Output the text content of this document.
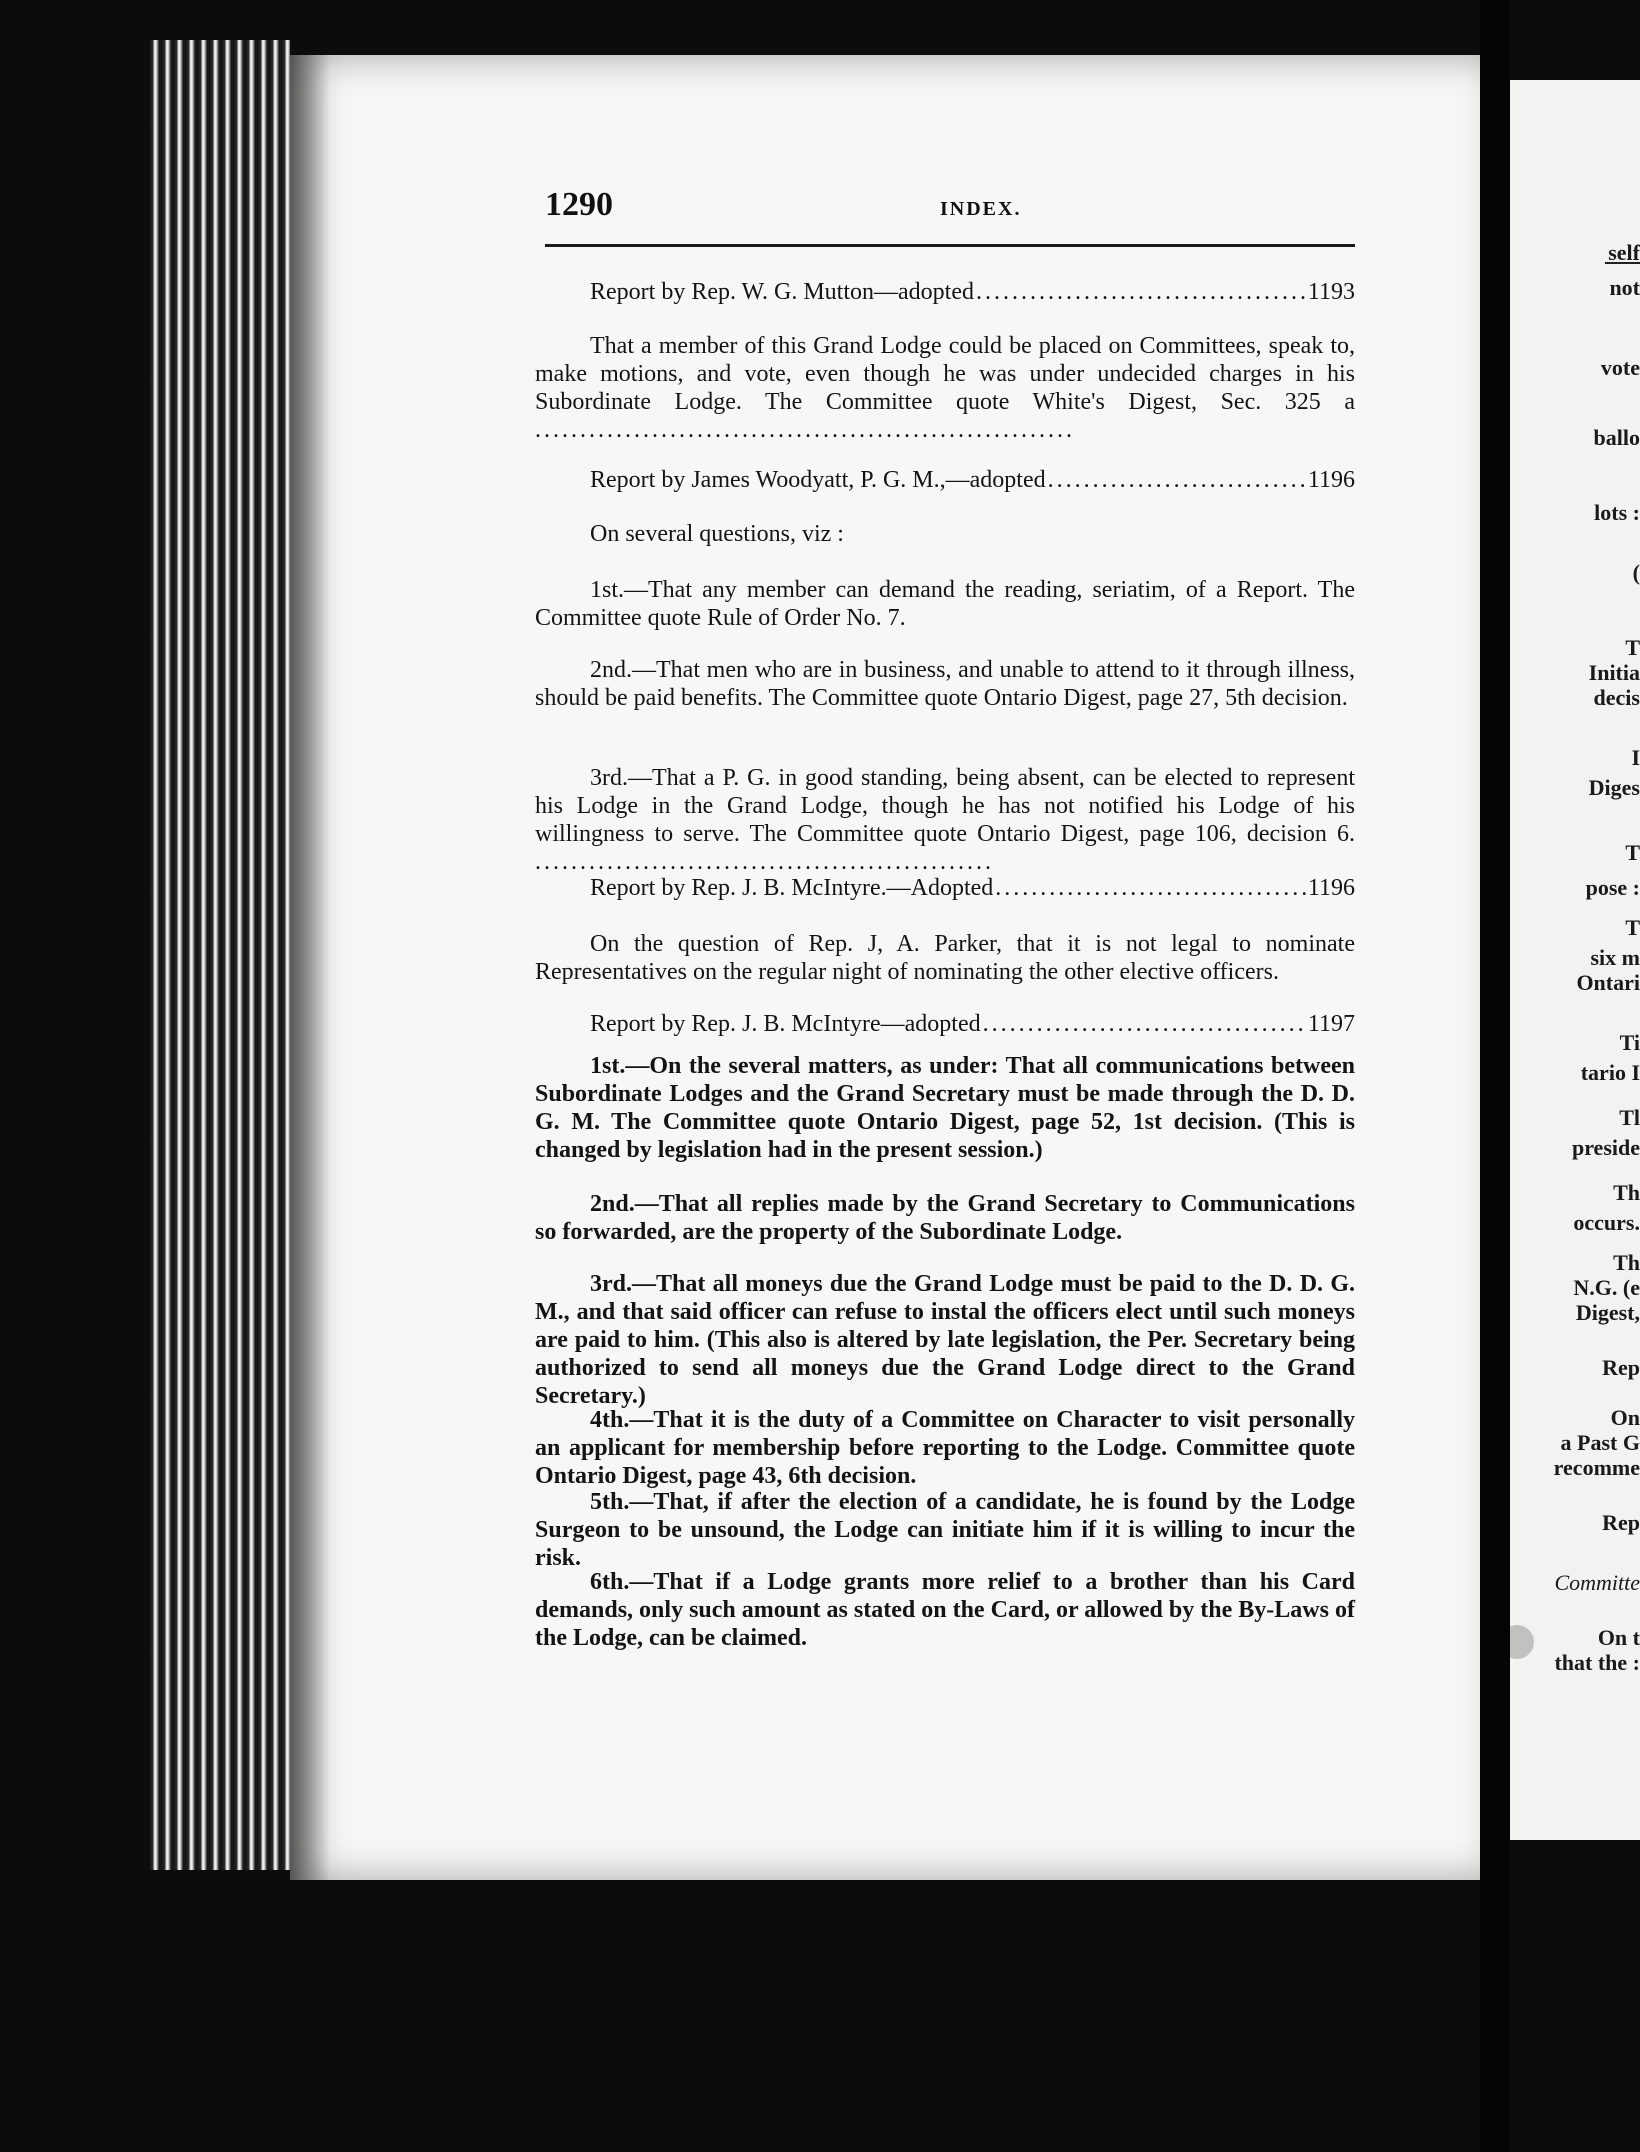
self
not
vote
ballo
lots :
(
T
Initia
decis
I
Diges
T
pose :
T
six m
Ontari
Ti
tario I
Tl
preside
Th
occurs.
Th
N.G. (e
Digest,
Rep
On
a Past G
recomme
Rep
Committe
On t
that the :
1290	INDEX.
Report by Rep. W. G. Mutton—adopted .....	1193
That a member of this Grand Lodge could be placed on Committees, speak to, make motions, and vote, even though he was under undecided charges in his Subordinate Lodge. The Committee quote White's Digest, Sec. 325 a ............................................................
Report by James Woodyatt, P. G. M.,—adopted .....	1196
On several questions, viz :
1st.—That any member can demand the reading, seriatim, of a Report. The Committee quote Rule of Order No. 7.
2nd.—That men who are in business, and unable to attend to it through illness, should be paid benefits. The Committee quote Ontario Digest, page 27, 5th decision.
3rd.—That a P. G. in good standing, being absent, can be elected to represent his Lodge in the Grand Lodge, though he has not notified his Lodge of his willingness to serve. The Committee quote Ontario Digest, page 106, decision 6. ...................................................
Report by Rep. J. B. McIntyre.—Adopted .....	1196
On the question of Rep. J, A. Parker, that it is not legal to nominate Representatives on the regular night of nominating the other elective officers.
Report by Rep. J. B. McIntyre—adopted .....	1197
1st.—On the several matters, as under: That all communications between Subordinate Lodges and the Grand Secretary must be made through the D. D. G. M. The Committee quote Ontario Digest, page 52, 1st decision. (This is changed by legislation had in the present session.)
2nd.—That all replies made by the Grand Secretary to Communications so forwarded, are the property of the Subordinate Lodge.
3rd.—That all moneys due the Grand Lodge must be paid to the D. D. G. M., and that said officer can refuse to instal the officers elect until such moneys are paid to him. (This also is altered by late legislation, the Per. Secretary being authorized to send all moneys due the Grand Lodge direct to the Grand Secretary.)
4th.—That it is the duty of a Committee on Character to visit personally an applicant for membership before reporting to the Lodge. Committee quote Ontario Digest, page 43, 6th decision.
5th.—That, if after the election of a candidate, he is found by the Lodge Surgeon to be unsound, the Lodge can initiate him if it is willing to incur the risk.
6th.—That if a Lodge grants more relief to a brother than his Card demands, only such amount as stated on the Card, or allowed by the By-Laws of the Lodge, can be claimed.
